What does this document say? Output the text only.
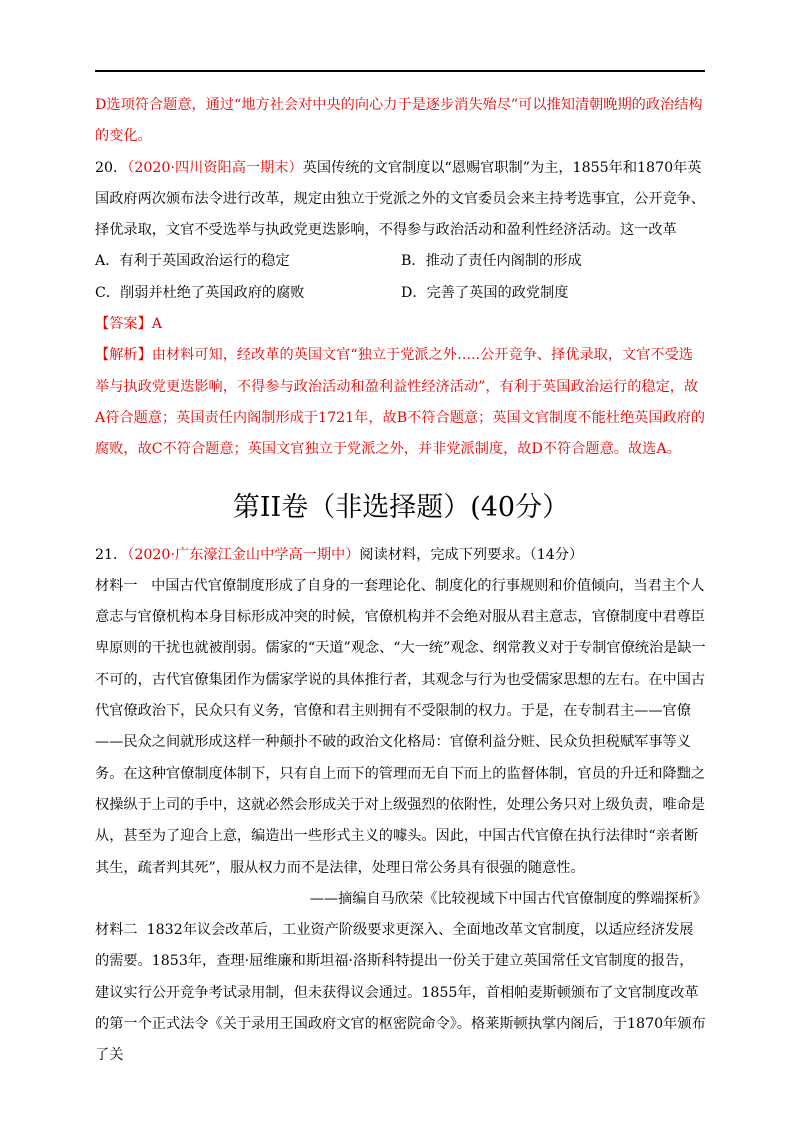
D选项符合题意，通过“地方社会对中央的向心力于是逐步消失殆尽”可以推知清朝晚期的政治结构的变化。

20．（2020·四川资阳高一期末）英国传统的文官制度以“恩赐官职制”为主，1855年和1870年英国政府两次颁布法令进行改革，规定由独立于党派之外的文官委员会来主持考选事宜，公开竞争、择优录取，文官不受选举与执政党更迭影响，不得参与政治活动和盈利性经济活动。这一改革

A．有利于英国政治运行的稳定	B．推动了责任内阁制的形成
C．削弱并杜绝了英国政府的腐败	D．完善了英国的政党制度

【答案】A

【解析】由材料可知，经改革的英国文官“独立于党派之外…..公开竞争、择优录取，文官不受选举与执政党更迭影响，不得参与政治活动和盈利益性经济活动”，有利于英国政治运行的稳定，故A符合题意；英国责任内阁制形成于1721年，故B不符合题意；英国文官制度不能杜绝英国政府的腐败，故C不符合题意；英国文官独立于党派之外，并非党派制度，故D不符合题意。故选A。

第II卷（非选择题）(40分）

21．（2020·广东濠江金山中学高一期中）阅读材料，完成下列要求。（14分）

材料一 中国古代官僚制度形成了自身的一套理论化、制度化的行事规则和价值倾向，当君主个人意志与官僚机构本身目标形成冲突的时候，官僚机构并不会绝对服从君主意志，官僚制度中君尊臣卑原则的干扰也就被削弱。儒家的“天道”观念、“大一统”观念、纲常教义对于专制官僚统治是缺一不可的，古代官僚集团作为儒家学说的具体推行者，其观念与行为也受儒家思想的左右。在中国古代官僚政治下，民众只有义务，官僚和君主则拥有不受限制的权力。于是，在专制君主——官僚——民众之间就形成这样一种颠扑不破的政治文化格局：官僚利益分赃、民众负担税赋军事等义务。在这种官僚制度体制下，只有自上而下的管理而无自下而上的监督体制，官员的升迁和降黜之权操纵于上司的手中，这就必然会形成关于对上级强烈的依附性，处理公务只对上级负责，唯命是从，甚至为了迎合上意，编造出一些形式主义的噱头。因此，中国古代官僚在执行法律时“亲者断其生，疏者判其死”，服从权力而不是法律，处理日常公务具有很强的随意性。

——摘编自马欣荣《比较视域下中国古代官僚制度的弊端探析》

材料二 1832年议会改革后，工业资产阶级要求更深入、全面地改革文官制度，以适应经济发展的需要。1853年，查理·屈维廉和斯坦福·洛斯科特提出一份关于建立英国常任文官制度的报告，建议实行公开竞争考试录用制，但未获得议会通过。1855年，首相帕麦斯顿颁布了文官制度改革的第一个正式法令《关于录用王国政府文官的枢密院命令》。格莱斯顿执掌内阁后，于1870年颁布了关
